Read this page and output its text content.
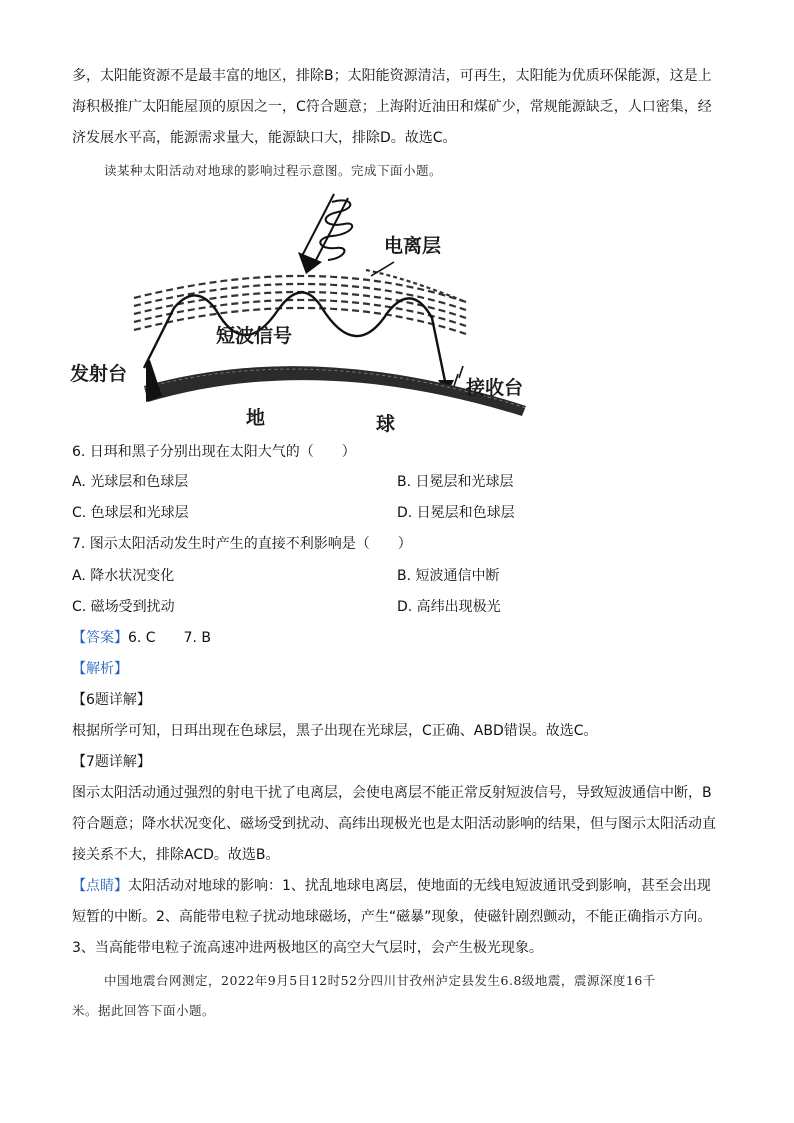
多，太阳能资源不是最丰富的地区，排除B；太阳能资源清洁，可再生，太阳能为优质环保能源，这是上
海积极推广太阳能屋顶的原因之一，C符合题意；上海附近油田和煤矿少，常规能源缺乏，人口密集，经
济发展水平高，能源需求量大，能源缺口大，排除D。故选C。
读某种太阳活动对地球的影响过程示意图。完成下面小题。
电离层
短波信号
发射台
接收台
地	球
6. 日珥和黑子分别出现在太阳大气的（　　）
A. 光球层和色球层	B. 日冕层和光球层
C. 色球层和光球层	D. 日冕层和色球层
7. 图示太阳活动发生时产生的直接不利影响是（　　）
A. 降水状况变化	B. 短波通信中断
C. 磁场受到扰动	D. 高纬出现极光
【答案】6. C　　7. B
【解析】
【6题详解】
根据所学可知，日珥出现在色球层，黑子出现在光球层，C正确、ABD错误。故选C。
【7题详解】
图示太阳活动通过强烈的射电干扰了电离层，会使电离层不能正常反射短波信号，导致短波通信中断，B
符合题意；降水状况变化、磁场受到扰动、高纬出现极光也是太阳活动影响的结果，但与图示太阳活动直
接关系不大，排除ACD。故选B。
【点睛】太阳活动对地球的影响：1、扰乱地球电离层，使地面的无线电短波通讯受到影响，甚至会出现
短暂的中断。2、高能带电粒子扰动地球磁场，产生“磁暴”现象，使磁针剧烈颤动，不能正确指示方向。
3、当高能带电粒子流高速冲进两极地区的高空大气层时，会产生极光现象。
中国地震台网测定，2022年9月5日12时52分四川甘孜州泸定县发生6.8级地震，震源深度16千
米。据此回答下面小题。
